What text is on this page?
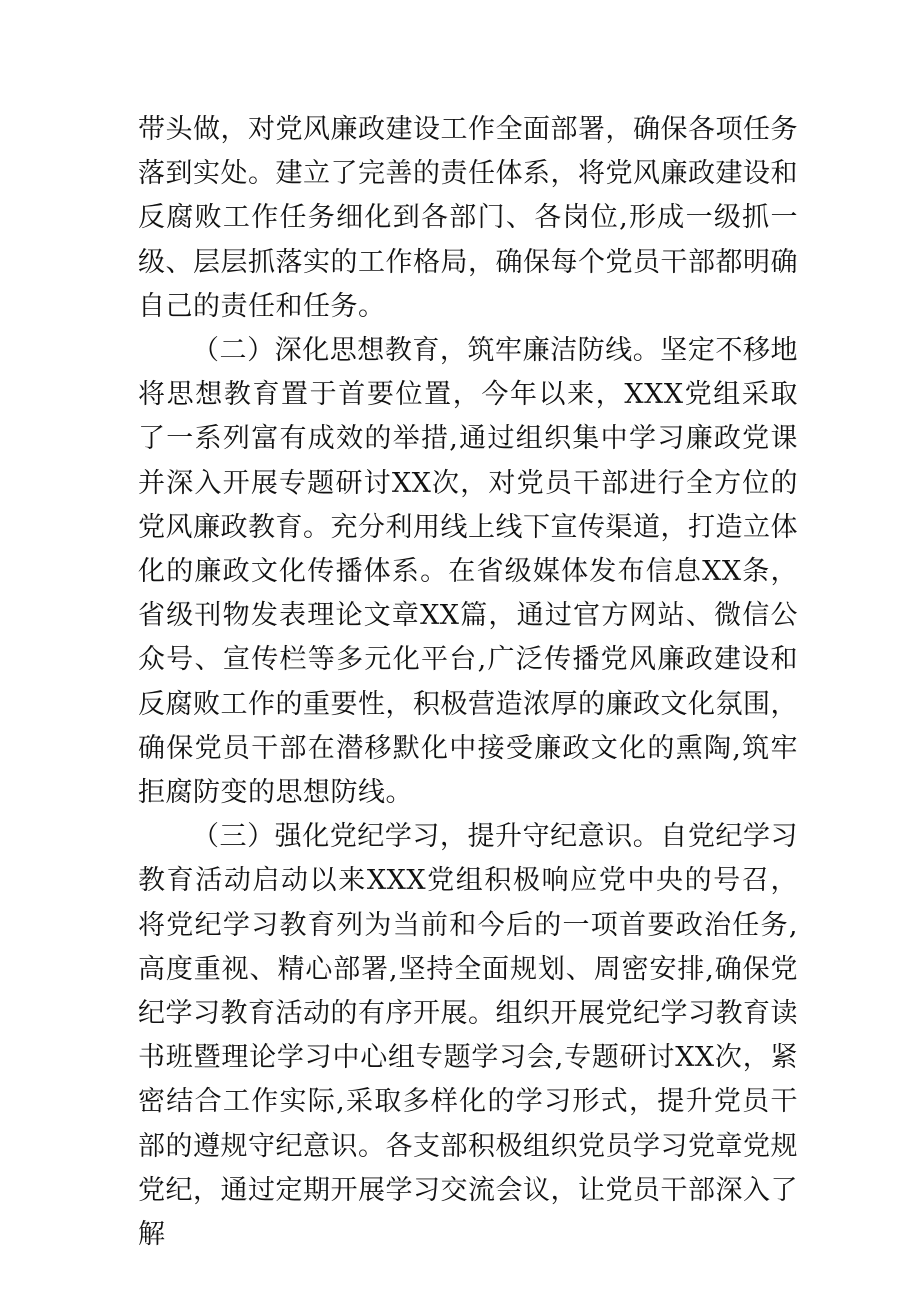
带头做，对党风廉政建设工作全面部署，确保各项任务落到实处。建立了完善的责任体系，将党风廉政建设和反腐败工作任务细化到各部门、各岗位,形成一级抓一级、层层抓落实的工作格局，确保每个党员干部都明确自己的责任和任务。

（二）深化思想教育，筑牢廉洁防线。坚定不移地将思想教育置于首要位置，今年以来，XXX党组采取了一系列富有成效的举措,通过组织集中学习廉政党课并深入开展专题研讨XX次，对党员干部进行全方位的党风廉政教育。充分利用线上线下宣传渠道，打造立体化的廉政文化传播体系。在省级媒体发布信息XX条，省级刊物发表理论文章XX篇，通过官方网站、微信公众号、宣传栏等多元化平台,广泛传播党风廉政建设和反腐败工作的重要性，积极营造浓厚的廉政文化氛围，确保党员干部在潜移默化中接受廉政文化的熏陶,筑牢拒腐防变的思想防线。

（三）强化党纪学习，提升守纪意识。自党纪学习教育活动启动以来XXX党组积极响应党中央的号召，将党纪学习教育列为当前和今后的一项首要政治任务,高度重视、精心部署,坚持全面规划、周密安排,确保党纪学习教育活动的有序开展。组织开展党纪学习教育读书班暨理论学习中心组专题学习会,专题研讨XX次，紧密结合工作实际,采取多样化的学习形式，提升党员干部的遵规守纪意识。各支部积极组织党员学习党章党规党纪，通过定期开展学习交流会议，让党员干部深入了解
